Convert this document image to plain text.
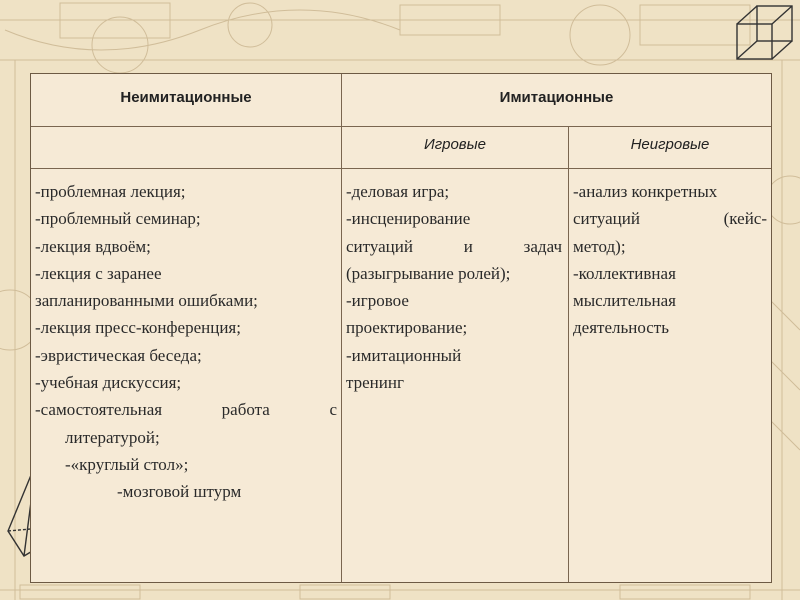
Неимитационные	Имитационные
Игровые	Неигровые
-проблемная лекция;
-проблемный семинар;
-лекция вдвоём;
-лекция с заранее
запланированными ошибками;
-лекция пресс-конференция;
-эвристическая беседа;
-учебная дискуссия;
-самостоятельная работа с
литературой;
-«круглый стол»;
-мозговой штурм
-деловая игра;
-инсценирование
ситуаций и задач
(разыгрывание ролей);
-игровое
проектирование;
-имитационный
тренинг
-анализ конкретных
ситуаций (кейс-
метод);
-коллективная
мыслительная
деятельность
